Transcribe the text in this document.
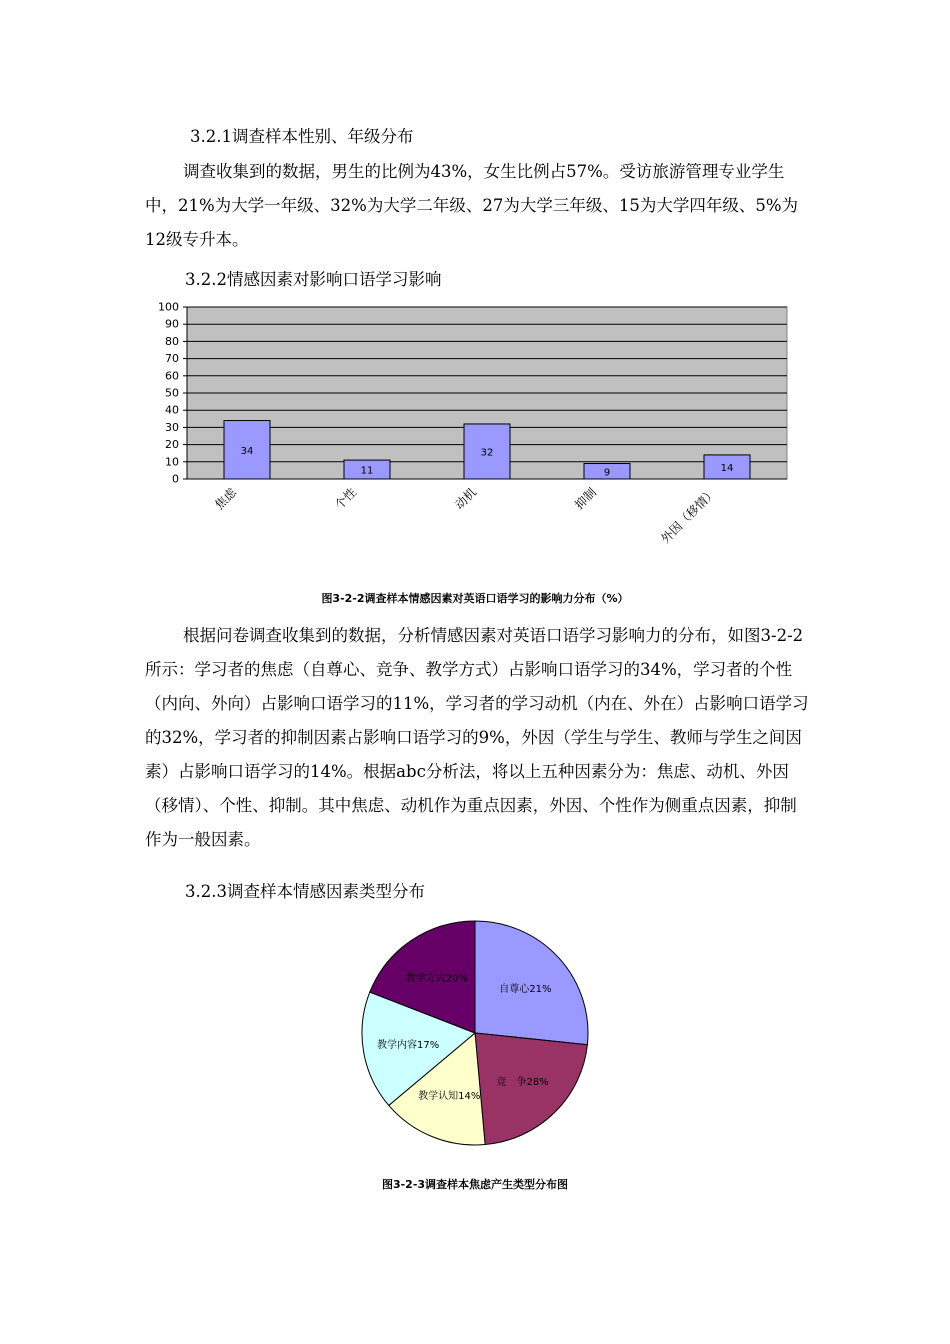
3.2.1调查样本性别、年级分布

调查收集到的数据，男生的比例为43%，女生比例占57%。受访旅游管理专业学生中，21%为大学一年级、32%为大学二年级、27为大学三年级、15为大学四年级、5%为12级专升本。

3.2.2情感因素对影响口语学习影响
0
10
20
30
40
50
60
70
80
90
100
34
焦虑
11
个性
32
动机
9
抑制
14
外因（移情）
图3-2-2调查样本情感因素对英语口语学习的影响力分布（%）

根据问卷调查收集到的数据，分析情感因素对英语口语学习影响力的分布，如图3-2-2所示：学习者的焦虑（自尊心、竞争、教学方式）占影响口语学习的34%，学习者的个性（内向、外向）占影响口语学习的11%，学习者的学习动机（内在、外在）占影响口语学习的32%，学习者的抑制因素占影响口语学习的9%，外因（学生与学生、教师与学生之间因素）占影响口语学习的14%。根据abc分析法，将以上五种因素分为：焦虑、动机、外因（移情）、个性、抑制。其中焦虑、动机作为重点因素，外因、个性作为侧重点因素，抑制作为一般因素。

3.2.3调查样本情感因素类型分布
自尊心21%
竞　争28%
教学认知14%
教学内容17%
教学方式20%
图3-2-3调查样本焦虑产生类型分布图
